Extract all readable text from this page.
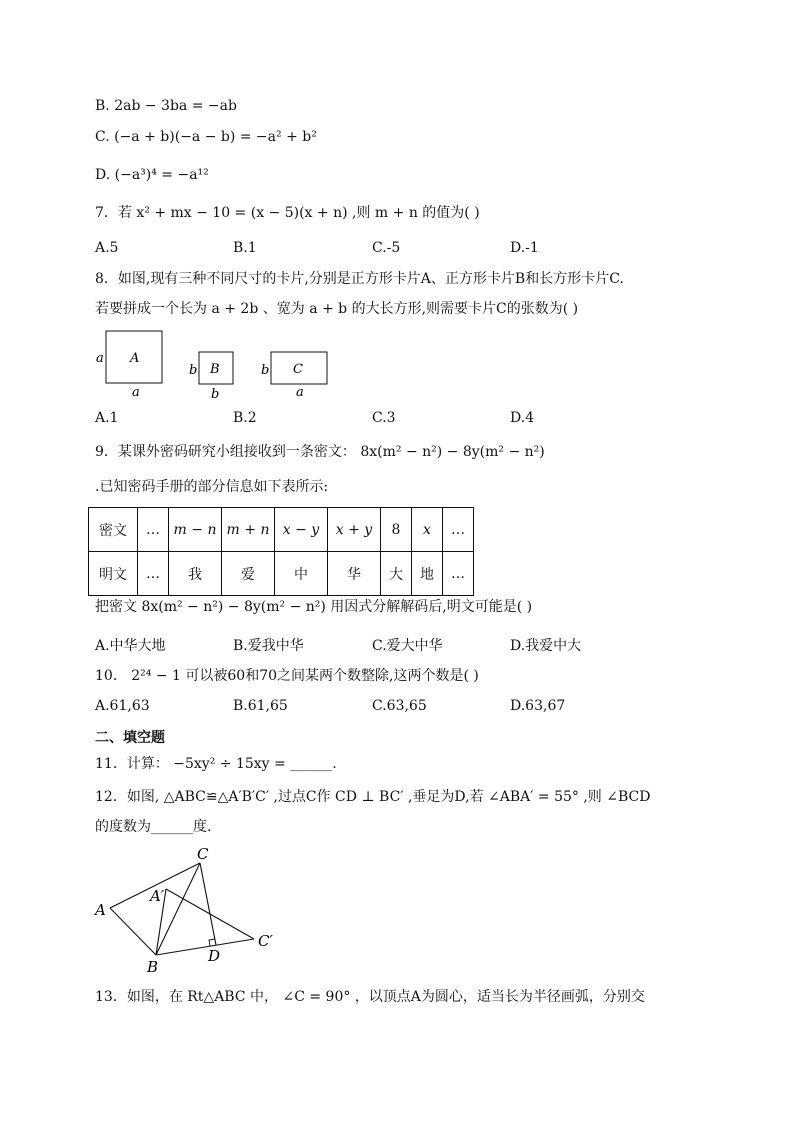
B. 2ab − 3ba = −ab
C. (−a + b)(−a − b) = −a² + b²
D. (−a³)⁴ = −a¹²
7．若 x² + mx − 10 = (x − 5)(x + n) ,则 m + n 的值为( )
A.5	B.1	C.-5	D.-1
8．如图,现有三种不同尺寸的卡片,分别是正方形卡片A、正方形卡片B和长方形卡片C.
若要拼成一个长为 a + 2b 、宽为 a + b 的大长方形,则需要卡片C的张数为( )
A
a
a
B
b
b
C
b
a
A.1	B.2	C.3	D.4
9．某课外密码研究小组接收到一条密文： 8x(m² − n²) − 8y(m² − n²)
.已知密码手册的部分信息如下表所示:
密文	…	m − n	m + n	x − y	x + y	8	x	…
明文	…	我	爱	中	华	大	地	…
把密文 8x(m² − n²) − 8y(m² − n²) 用因式分解解码后,明文可能是( )
A.中华大地	B.爱我中华	C.爱大中华	D.我爱中大
10． 2²⁴ − 1 可以被60和70之间某两个数整除,这两个数是( )
A.61,63	B.61,65	C.63,65	D.63,67
二、填空题
11．计算： −5xy² ÷ 15xy = ______.
12．如图, △ABC≌△A′B′C′ ,过点C作 CD ⊥ BC′ ,垂足为D,若 ∠ABA′ = 55° ,则 ∠BCD
的度数为______度.
C
A
A′
C′
D
B
13．如图，在 Rt△ABC 中， ∠C = 90° ，以顶点A为圆心，适当长为半径画弧，分别交
